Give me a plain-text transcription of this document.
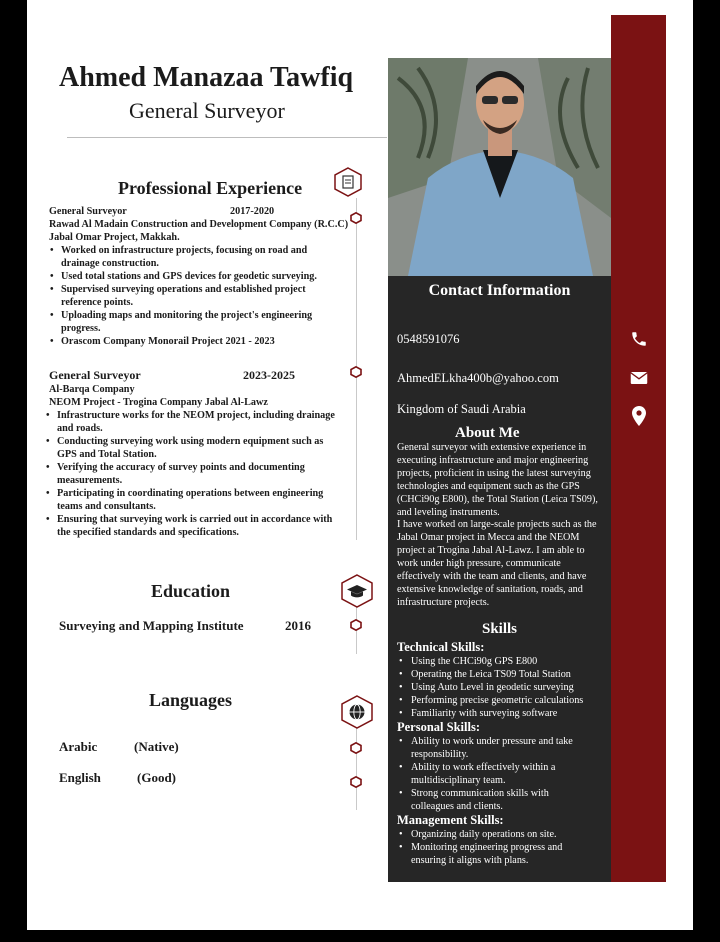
Ahmed Manazaa Tawfiq
General Surveyor
Professional Experience
General Surveyor	2017-2020

Rawad Al Madain Construction and Development Company (R.C.C)

Jabal Omar Project, Makkah.

• Worked on infrastructure projects, focusing on road and drainage construction.
• Used total stations and GPS devices for geodetic surveying.
• Supervised surveying operations and established project reference points.
• Uploading maps and monitoring the project's engineering progress.
• Orascom Company Monorail Project 2021 - 2023
General Surveyor	2023-2025

Al-Barqa Company

NEOM Project - Trogina Company Jabal Al-Lawz

• Infrastructure works for the NEOM project, including drainage and roads.
• Conducting surveying work using modern equipment such as GPS and Total Station.
• Verifying the accuracy of survey points and documenting measurements.
• Participating in coordinating operations between engineering teams and consultants.
• Ensuring that surveying work is carried out in accordance with the specified standards and specifications.
Education
Surveying and Mapping Institute	2016
Languages
Arabic	(Native)
English	(Good)
Contact Information
0548591076
AhmedELkha400b@yahoo.com
Kingdom of Saudi Arabia
About Me
General surveyor with extensive experience in executing infrastructure and major engineering projects, proficient in using the latest surveying technologies and equipment such as the GPS (CHCi90g E800), the Total Station (Leica TS09), and leveling instruments.
I have worked on large-scale projects such as the Jabal Omar project in Mecca and the NEOM project at Trogina Jabal Al-Lawz. I am able to work under high pressure, communicate effectively with the team and clients, and have extensive knowledge of sanitation, roads, and infrastructure projects.
Skills
Technical Skills:
• Using the CHCi90g GPS E800
• Operating the Leica TS09 Total Station
• Using Auto Level in geodetic surveying
• Performing precise geometric calculations
• Familiarity with surveying software
Personal Skills:
• Ability to work under pressure and take responsibility.
• Ability to work effectively within a multidisciplinary team.
• Strong communication skills with colleagues and clients.
Management Skills:
• Organizing daily operations on site.
• Monitoring engineering progress and ensuring it aligns with plans.
